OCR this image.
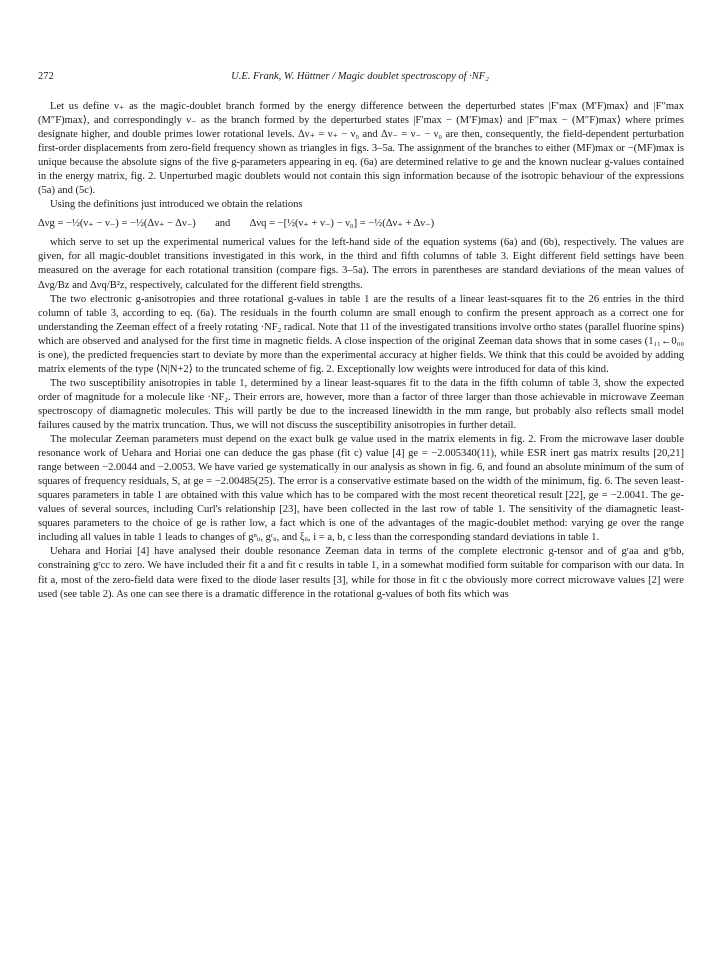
272	U.E. Frank, W. Hüttner / Magic doublet spectroscopy of ·NF₂

Let us define ν₊ as the magic-doublet branch formed by the energy difference between the deperturbed states |F′max (M′F)max⟩ and |F″max (M″F)max⟩, and correspondingly ν₋ as the branch formed by the deperturbed states |F′max − (M′F)max⟩ and |F″max − (M″F)max⟩ where primes designate higher, and double primes lower rotational levels. Δν₊ = ν₊ − ν₀ and Δν₋ = ν₋ − ν₀ are then, consequently, the field-dependent perturbation first-order displacements from zero-field frequency shown as triangles in figs. 3–5a. The assignment of the branches to either (MF)max or −(MF)max is unique because the absolute signs of the five g-parameters appearing in eq. (6a) are determined relative to ge and the known nuclear g-values contained in the energy matrix, fig. 2. Unperturbed magic doublets would not contain this sign information because of the isotropic behaviour of the expressions (5a) and (5c).

Using the definitions just introduced we obtain the relations

Δνg = −½(ν₊ − ν₋) = −½(Δν₊ − Δν₋) and Δνq = −[½(ν₊ + ν₋) − ν₀] = −½(Δν₊ + Δν₋)

which serve to set up the experimental numerical values for the left-hand side of the equation systems (6a) and (6b), respectively. The values are given, for all magic-doublet transitions investigated in this work, in the third and fifth columns of table 3. Eight different field settings have been measured on the average for each rotational transition (compare figs. 3–5a). The errors in parentheses are standard deviations of the mean values of Δνg/Bz and Δνq/B²z, respectively, calculated for the different field strengths.

The two electronic g-anisotropies and three rotational g-values in table 1 are the results of a linear least-squares fit to the 26 entries in the third column of table 3, according to eq. (6a). The residuals in the fourth column are small enough to confirm the present approach as a correct one for understanding the Zeeman effect of a freely rotating ·NF₂ radical. Note that 11 of the investigated transitions involve ortho states (parallel fluorine spins) which are observed and analysed for the first time in magnetic fields. A close inspection of the original Zeeman data shows that in some cases (1₁₁←0₀₀ is one), the predicted frequencies start to deviate by more than the experimental accuracy at higher fields. We think that this could be avoided by adding matrix elements of the type ⟨N|N+2⟩ to the truncated scheme of fig. 2. Exceptionally low weights were introduced for data of this kind.

The two susceptibility anisotropies in table 1, determined by a linear least-squares fit to the data in the fifth column of table 3, show the expected order of magnitude for a molecule like ·NF₂. Their errors are, however, more than a factor of three larger than those achievable in microwave Zeeman spectroscopy of diamagnetic molecules. This will partly be due to the increased linewidth in the mm range, but probably also reflects small model failures caused by the matrix truncation. Thus, we will not discuss the susceptibility anisotropies in further detail.

The molecular Zeeman parameters must depend on the exact bulk ge value used in the matrix elements in fig. 2. From the microwave laser double resonance work of Uehara and Horiai one can deduce the gas phase (fit c) value [4] ge = −2.005340(11), while ESR inert gas matrix results [20,21] range between −2.0044 and −2.0053. We have varied ge systematically in our analysis as shown in fig. 6, and found an absolute minimum of the sum of squares of frequency residuals, S, at ge = −2.00485(25). The error is a conservative estimate based on the width of the minimum, fig. 6. The seven least-squares parameters in table 1 are obtained with this value which has to be compared with the most recent theoretical result [22], ge = −2.0041. The ge-values of several sources, including Curl's relationship [23], have been collected in the last row of table 1. The sensitivity of the diamagnetic least-squares parameters to the choice of ge is rather low, a fact which is one of the advantages of the magic-doublet method: varying ge over the range including all values in table 1 leads to changes of gⁿᵢᵢ, gʳᵢᵢ, and ξᵢᵢ, i = a, b, c less than the corresponding standard deviations in table 1.

Uehara and Horiai [4] have analysed their double resonance Zeeman data in terms of the complete electronic g-tensor and of gʳaa and gʳbb, constraining gʳcc to zero. We have included their fit a and fit c results in table 1, in a somewhat modified form suitable for comparison with our data. In fit a, most of the zero-field data were fixed to the diode laser results [3], while for those in fit c the obviously more correct microwave values [2] were used (see table 2). As one can see there is a dramatic difference in the rotational g-values of both fits which was
